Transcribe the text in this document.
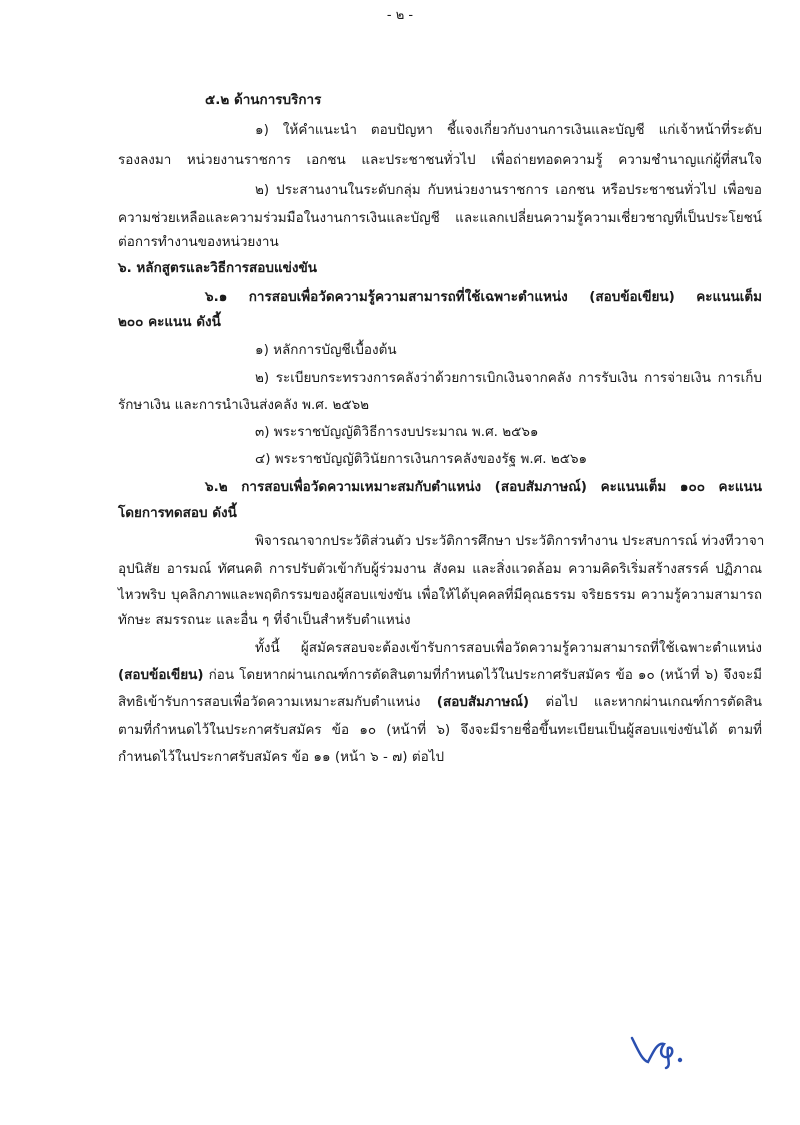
- ๒ -
๕.๒ ด้านการบริการ
๑) ให้คำแนะนำ ตอบปัญหา ชี้แจงเกี่ยวกับงานการเงินและบัญชี แก่เจ้าหน้าที่ระดับ
รองลงมา หน่วยงานราชการ เอกชน และประชาชนทั่วไป เพื่อถ่ายทอดความรู้ ความชำนาญแก่ผู้ที่สนใจ
๒) ประสานงานในระดับกลุ่ม กับหน่วยงานราชการ เอกชน หรือประชาชนทั่วไป เพื่อขอ
ความช่วยเหลือและความร่วมมือในงานการเงินและบัญชี และแลกเปลี่ยนความรู้ความเชี่ยวชาญที่เป็นประโยชน์
ต่อการทำงานของหน่วยงาน
๖. หลักสูตรและวิธีการสอบแข่งขัน
๖.๑ การสอบเพื่อวัดความรู้ความสามารถที่ใช้เฉพาะตำแหน่ง (สอบข้อเขียน) คะแนนเต็ม
๒๐๐ คะแนน ดังนี้
๑) หลักการบัญชีเบื้องต้น
๒) ระเบียบกระทรวงการคลังว่าด้วยการเบิกเงินจากคลัง การรับเงิน การจ่ายเงิน การเก็บ
รักษาเงิน และการนำเงินส่งคลัง พ.ศ. ๒๕๖๒
๓) พระราชบัญญัติวิธีการงบประมาณ พ.ศ. ๒๕๖๑
๔) พระราชบัญญัติวินัยการเงินการคลังของรัฐ พ.ศ. ๒๕๖๑
๖.๒ การสอบเพื่อวัดความเหมาะสมกับตำแหน่ง (สอบสัมภาษณ์) คะแนนเต็ม ๑๐๐ คะแนน
โดยการทดสอบ ดังนี้
พิจารณาจากประวัติส่วนตัว ประวัติการศึกษา ประวัติการทำงาน ประสบการณ์ ท่วงทีวาจา
อุปนิสัย อารมณ์ ทัศนคติ การปรับตัวเข้ากับผู้ร่วมงาน สังคม และสิ่งแวดล้อม ความคิดริเริ่มสร้างสรรค์ ปฏิภาณ
ไหวพริบ บุคลิกภาพและพฤติกรรมของผู้สอบแข่งขัน เพื่อให้ได้บุคคลที่มีคุณธรรม จริยธรรม ความรู้ความสามารถ
ทักษะ สมรรถนะ และอื่น ๆ ที่จำเป็นสำหรับตำแหน่ง
ทั้งนี้ ผู้สมัครสอบจะต้องเข้ารับการสอบเพื่อวัดความรู้ความสามารถที่ใช้เฉพาะตำแหน่ง
(สอบข้อเขียน) ก่อน โดยหากผ่านเกณฑ์การตัดสินตามที่กำหนดไว้ในประกาศรับสมัคร ข้อ ๑๐ (หน้าที่ ๖) จึงจะมี
สิทธิเข้ารับการสอบเพื่อวัดความเหมาะสมกับตำแหน่ง (สอบสัมภาษณ์) ต่อไป และหากผ่านเกณฑ์การตัดสิน
ตามที่กำหนดไว้ในประกาศรับสมัคร ข้อ ๑๐ (หน้าที่ ๖) จึงจะมีรายชื่อขึ้นทะเบียนเป็นผู้สอบแข่งขันได้ ตามที่
กำหนดไว้ในประกาศรับสมัคร ข้อ ๑๑ (หน้า ๖ - ๗) ต่อไป
